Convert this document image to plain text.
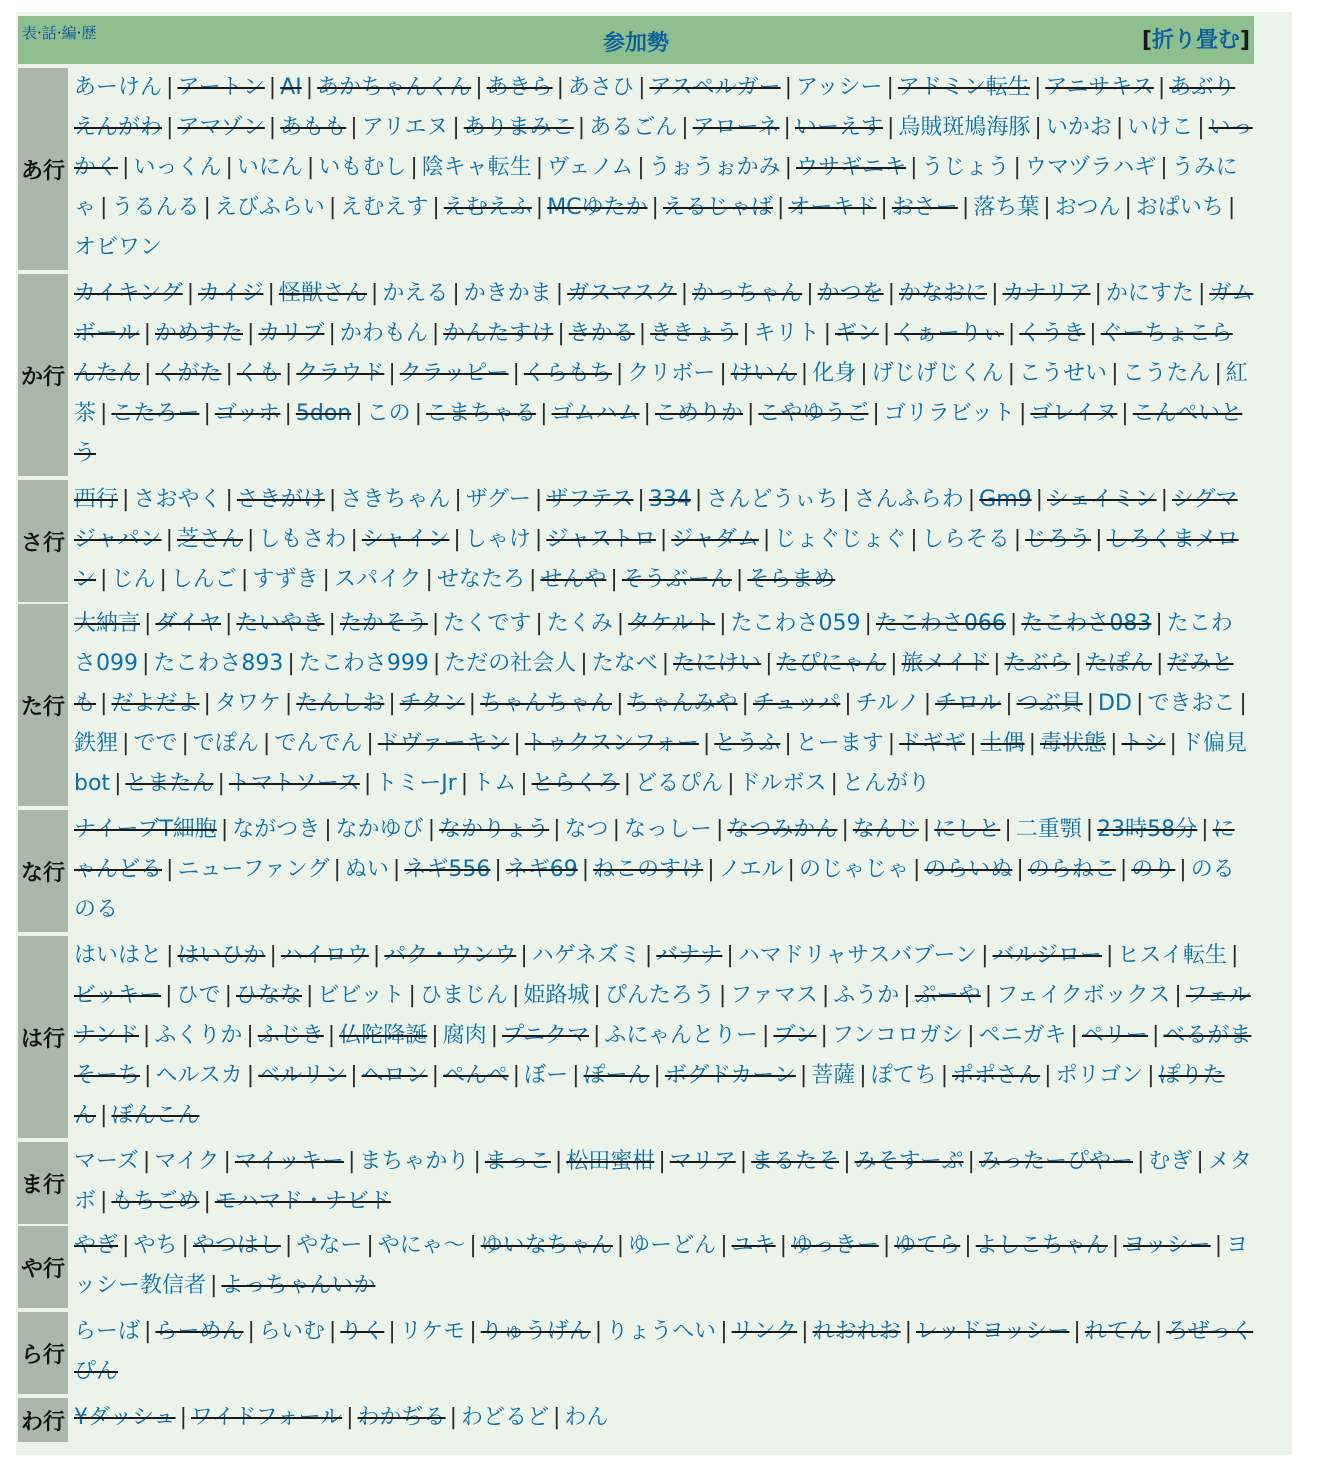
表·話·編·歴	参加勢	[折り畳む]
あ行
あーけん | アートン | AI | あかちゃんくん | あきら | あさひ | アスペルガー | アッシー | アドミン転生 | アニサキス | あぶりえんがわ | アマゾン | あもも | アリエヌ | ありまみこ | あるごん | アローネ | いーえす | 烏賊斑鳩海豚 | いかお | いけこ | いっかく | いっくん | いにん | いもむし | 陰キャ転生 | ヴェノム | うぉうぉかみ | ウサギニキ | うじょう | ウマヅラハギ | うみにゃ | うるんる | えびふらい | えむえす | えむえふ | MCゆたか | えるじゃば | オーキド | おさー | 落ち葉 | おつん | おぱいち |オビワン
か行
カイキング | カイジ | 怪獣さん | かえる | かきかま | ガスマスク | かっちゃん | かつを | かなおに | カナリア | かにすた | ガムボール | かめすた | カリブ | かわもん | かんたすけ | きかる | ききょう | キリト | ギン | くぁーりぃ | くうき | ぐーちょこらんたん | くがた | くも | クラウド | クラッピー | くらもち | クリボー | けいん | 化身 | げじげじくん | こうせい | こうたん | 紅茶 | こたろー | ゴッホ | 5don | この | こまちゃる | ゴムハム | こめりか | こやゆうご | ゴリラビット | ゴレイヌ | こんぺいとう
さ行
西行 | さおやく | さきがけ | さきちゃん | ザグー | ザフテス | 334 | さんどうぃち | さんふらわ | Gm9 | シェイミン | シグマジャパン | 芝さん | しもさわ | シャイン | しゃけ | ジャストロ | ジャダム | じょぐじょぐ | しらそる | じろう | しろくまメロン | じん | しんご | すずき | スパイク | せなたろ | せんや | そうぶーん | そらまめ
た行
大納言 | ダイヤ | たいやき | たかそう | たくです | たくみ | タケルト | たこわさ059 | たこわさ066 | たこわさ083 | たこわさ099 | たこわさ893 | たこわさ999 | ただの社会人 | たなべ | たにけい | たぴにゃん | 旅メイド | たぶら | たぽん | だみとも | だよだよ | タワケ | たんしお | チタン | ちゃんちゃん | ちゃんみや | チュッパ | チルノ | チロル | つぶ貝 | DD | できおこ |鉄狸 | でで | でぽん | でんでん | ドヴァーキン | トゥクスンフォー | とうふ | とーます | ドギギ | 土偶 | 毒状態 | トシ | ド偏見bot | とまたん | トマトソース | トミーJr | トム | とらくろ | どるぴん | ドルボス | とんがり
な行
ナイーブT細胞 | ながつき | なかゆび | なかりょう | なつ | なっしー | なつみかん | なんじ | にしと | 二重顎 | 23時58分 | にゃんどる | ニューファング | ぬい | ネギ556 | ネギ69 | ねこのすけ | ノエル | のじゃじゃ | のらいぬ | のらねこ | のり | のるのる
は行
はいはと | はいひか | ハイロウ | パク・ウンウ | ハゲネズミ | バナナ | ハマドリャサスバブーン | バルジロー | ヒスイ転生 |ビッキー | ひで | ひなな | ビビット | ひまじん | 姫路城 | ぴんたろう | ファマス | ふうか | ぷーや | フェイクボックス | フェルナンド | ふくりか | ふじき | 仏陀降誕 | 腐肉 | プニクマ | ふにゃんとりー | ブン | フンコロガシ | ペニガキ | ペリー | べるがまそーち | ヘルスカ | ベルリン | ヘロン | ぺんぺ | ぼー | ぽーん | ボグドカーン | 菩薩 | ぽてち | ポポさん | ポリゴン | ぽりたん | ぼんこん
ま行
マーズ | マイク | マイッキー | まちゃかり | まっこ | 松田蜜柑 | マリア | まるたそ | みそすーぷ | みったーぴやー | むぎ | メタボ | もちごめ | モハマド・ナビド
や行
やぎ | やち | やつはし | やなー | やにゃ～ | ゆいなちゃん | ゆーどん | ユキ | ゆっきー | ゆてら | よしこちゃん | ヨッシー | ヨッシー教信者 | よっちゃんいか
ら行
らーば | らーめん | らいむ | りく | リケモ | りゅうげん | りょうへい | リンク | れおれお | レッドヨッシー | れてん | ろぜっくぴん
わ行 ¥ダッシュ | ワイドフォール | わかぢる | わどるど | わん
